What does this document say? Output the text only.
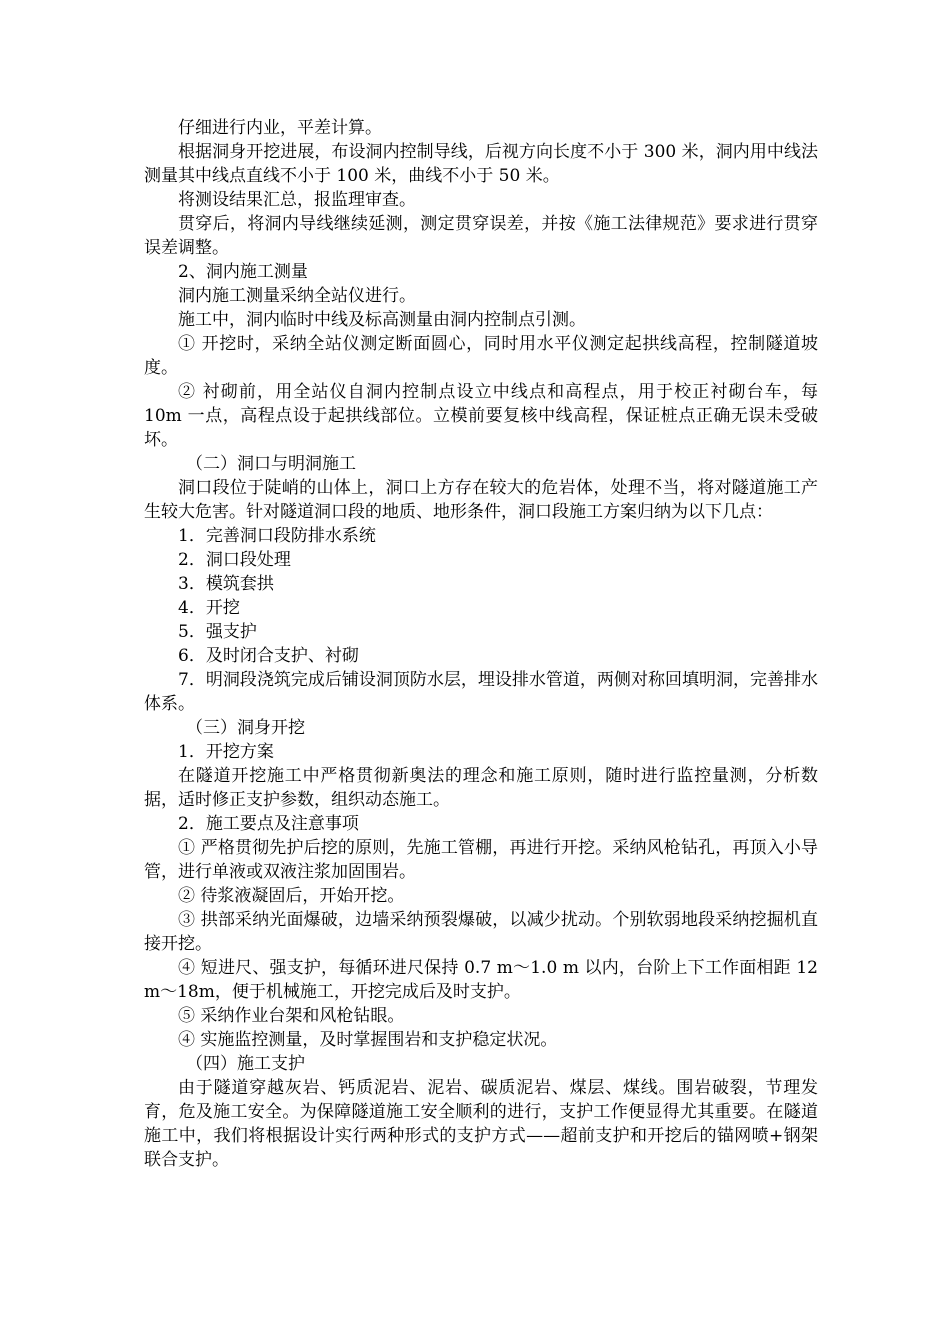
仔细进行内业，平差计算。

根据洞身开挖进展，布设洞内控制导线，后视方向长度不小于 300 米，洞内用中线法测量其中线点直线不小于 100 米，曲线不小于 50 米。

将测设结果汇总，报监理审查。

贯穿后，将洞内导线继续延测，测定贯穿误差，并按《施工法律规范》要求进行贯穿误差调整。

2、洞内施工测量

洞内施工测量采纳全站仪进行。

施工中，洞内临时中线及标高测量由洞内控制点引测。

① 开挖时，采纳全站仪测定断面圆心，同时用水平仪测定起拱线高程，控制隧道坡度。

② 衬砌前，用全站仪自洞内控制点设立中线点和高程点，用于校正衬砌台车，每 10m 一点，高程点设于起拱线部位。立模前要复核中线高程，保证桩点正确无误未受破坏。

（二）洞口与明洞施工

洞口段位于陡峭的山体上，洞口上方存在较大的危岩体，处理不当，将对隧道施工产生较大危害。针对隧道洞口段的地质、地形条件，洞口段施工方案归纳为以下几点：

1．完善洞口段防排水系统

2．洞口段处理

3．模筑套拱

4．开挖

5．强支护

6．及时闭合支护、衬砌

7．明洞段浇筑完成后铺设洞顶防水层，埋设排水管道，两侧对称回填明洞，完善排水体系。

（三）洞身开挖

1．开挖方案

在隧道开挖施工中严格贯彻新奥法的理念和施工原则，随时进行监控量测，分析数据，适时修正支护参数，组织动态施工。

2．施工要点及注意事项

① 严格贯彻先护后挖的原则，先施工管棚，再进行开挖。采纳风枪钻孔，再顶入小导管，进行单液或双液注浆加固围岩。

② 待浆液凝固后，开始开挖。

③ 拱部采纳光面爆破，边墙采纳预裂爆破，以减少扰动。个别软弱地段采纳挖掘机直接开挖。

④ 短进尺、强支护，每循环进尺保持 0.7 m～1.0 m 以内，台阶上下工作面相距 12 m～18m，便于机械施工，开挖完成后及时支护。

⑤ 采纳作业台架和风枪钻眼。

④ 实施监控测量，及时掌握围岩和支护稳定状况。

（四）施工支护

由于隧道穿越灰岩、钙质泥岩、泥岩、碳质泥岩、煤层、煤线。围岩破裂，节理发育，危及施工安全。为保障隧道施工安全顺利的进行，支护工作便显得尤其重要。在隧道施工中，我们将根据设计实行两种形式的支护方式——超前支护和开挖后的锚网喷+钢架联合支护。
